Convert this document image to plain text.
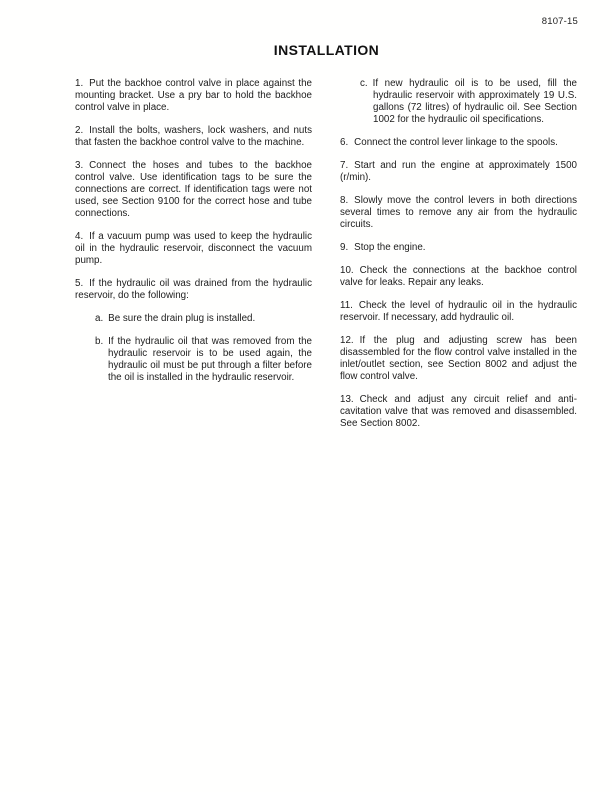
8107-15
INSTALLATION

1. Put the backhoe control valve in place against the mounting bracket. Use a pry bar to hold the backhoe control valve in place.

2. Install the bolts, washers, lock washers, and nuts that fasten the backhoe control valve to the machine.

3. Connect the hoses and tubes to the backhoe control valve. Use identification tags to be sure the connections are correct. If identification tags were not used, see Section 9100 for the correct hose and tube connections.

4. If a vacuum pump was used to keep the hydraulic oil in the hydraulic reservoir, disconnect the vacuum pump.

5. If the hydraulic oil was drained from the hydraulic reservoir, do the following:

a. Be sure the drain plug is installed.

b. If the hydraulic oil that was removed from the hydraulic reservoir is to be used again, the hydraulic oil must be put through a filter before the oil is installed in the hydraulic reservoir.

c. If new hydraulic oil is to be used, fill the hydraulic reservoir with approximately 19 U.S. gallons (72 litres) of hydraulic oil. See Section 1002 for the hydraulic oil specifications.

6. Connect the control lever linkage to the spools.

7. Start and run the engine at approximately 1500 (r/min).

8. Slowly move the control levers in both directions several times to remove any air from the hydraulic circuits.

9. Stop the engine.

10. Check the connections at the backhoe control valve for leaks. Repair any leaks.

11. Check the level of hydraulic oil in the hydraulic reservoir. If necessary, add hydraulic oil.

12. If the plug and adjusting screw has been disassembled for the flow control valve installed in the inlet/outlet section, see Section 8002 and adjust the flow control valve.

13. Check and adjust any circuit relief and anti-cavitation valve that was removed and disassembled. See Section 8002.
